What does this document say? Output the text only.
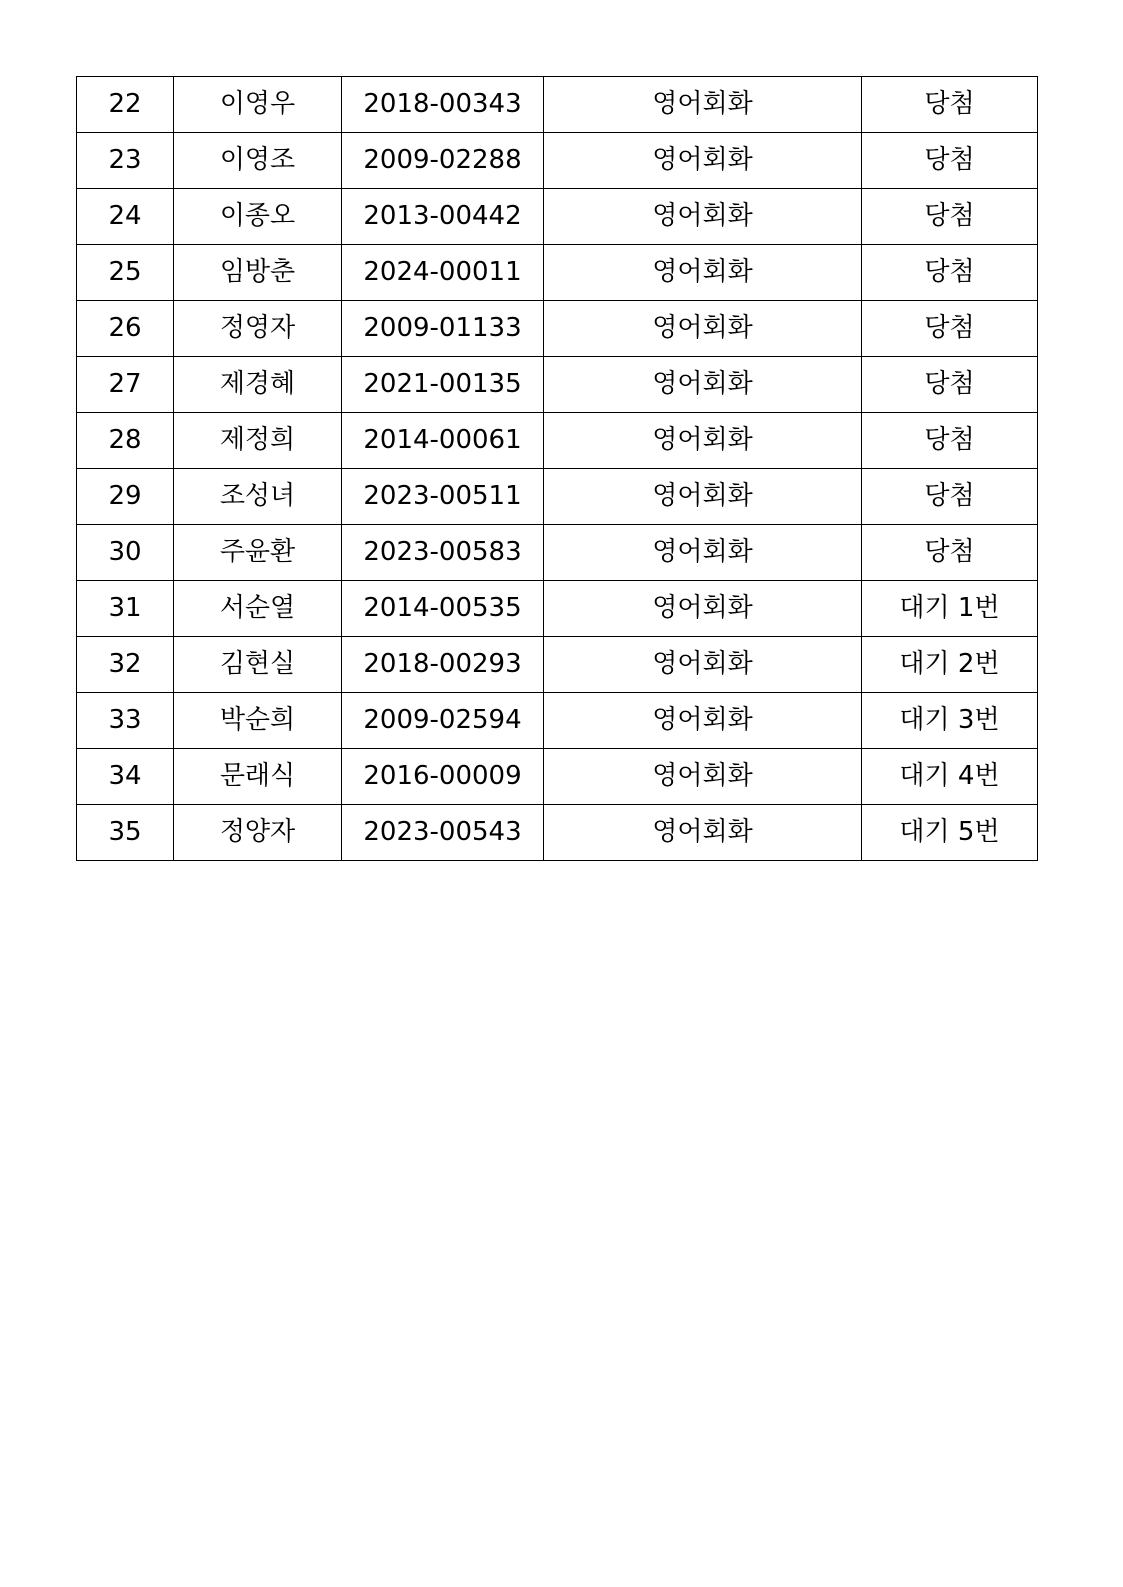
22	이영우	2018-00343	영어회화	당첨
23	이영조	2009-02288	영어회화	당첨
24	이종오	2013-00442	영어회화	당첨
25	임방춘	2024-00011	영어회화	당첨
26	정영자	2009-01133	영어회화	당첨
27	제경혜	2021-00135	영어회화	당첨
28	제정희	2014-00061	영어회화	당첨
29	조성녀	2023-00511	영어회화	당첨
30	주윤환	2023-00583	영어회화	당첨
31	서순열	2014-00535	영어회화	대기 1번
32	김현실	2018-00293	영어회화	대기 2번
33	박순희	2009-02594	영어회화	대기 3번
34	문래식	2016-00009	영어회화	대기 4번
35	정양자	2023-00543	영어회화	대기 5번
